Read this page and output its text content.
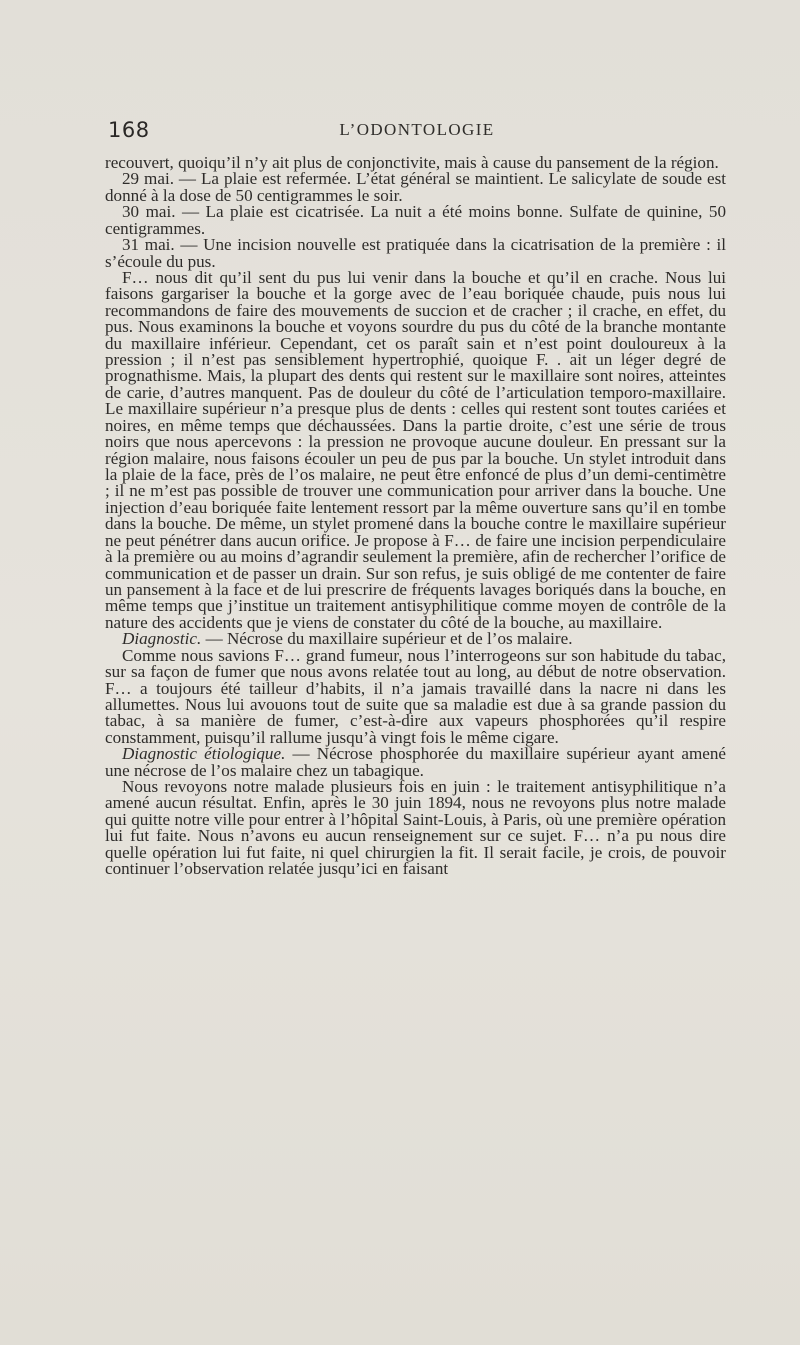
168	L’ODONTOLOGIE

recouvert, quoiqu’il n’y ait plus de conjonctivite, mais à cause du pansement de la région.

29 mai. — La plaie est refermée. L’état général se maintient. Le salicylate de soude est donné à la dose de 50 centigrammes le soir.

30 mai. — La plaie est cicatrisée. La nuit a été moins bonne. Sulfate de quinine, 50 centigrammes.

31 mai. — Une incision nouvelle est pratiquée dans la cicatrisation de la première : il s’écoule du pus.

F… nous dit qu’il sent du pus lui venir dans la bouche et qu’il en crache. Nous lui faisons gargariser la bouche et la gorge avec de l’eau boriquée chaude, puis nous lui recommandons de faire des mouvements de succion et de cracher ; il crache, en effet, du pus. Nous examinons la bouche et voyons sourdre du pus du côté de la branche montante du maxillaire inférieur. Cependant, cet os paraît sain et n’est point douloureux à la pression ; il n’est pas sensiblement hypertrophié, quoique F. . ait un léger degré de prognathisme. Mais, la plupart des dents qui restent sur le maxillaire sont noires, atteintes de carie, d’autres manquent. Pas de douleur du côté de l’articulation temporo-maxillaire. Le maxillaire supérieur n’a presque plus de dents : celles qui restent sont toutes cariées et noires, en même temps que déchaussées. Dans la partie droite, c’est une série de trous noirs que nous apercevons : la pression ne provoque aucune douleur. En pressant sur la région malaire, nous faisons écouler un peu de pus par la bouche. Un stylet introduit dans la plaie de la face, près de l’os malaire, ne peut être enfoncé de plus d’un demi-centimètre ; il ne m’est pas possible de trouver une communication pour arriver dans la bouche. Une injection d’eau boriquée faite lentement ressort par la même ouverture sans qu’il en tombe dans la bouche. De même, un stylet promené dans la bouche contre le maxillaire supérieur ne peut pénétrer dans aucun orifice. Je propose à F… de faire une incision perpendiculaire à la première ou au moins d’agrandir seulement la première, afin de rechercher l’orifice de communication et de passer un drain. Sur son refus, je suis obligé de me contenter de faire un pansement à la face et de lui prescrire de fréquents lavages boriqués dans la bouche, en même temps que j’institue un traitement antisyphilitique comme moyen de contrôle de la nature des accidents que je viens de constater du côté de la bouche, au maxillaire.

Diagnostic. — Nécrose du maxillaire supérieur et de l’os malaire.

Comme nous savions F… grand fumeur, nous l’interrogeons sur son habitude du tabac, sur sa façon de fumer que nous avons relatée tout au long, au début de notre observation. F… a toujours été tailleur d’habits, il n’a jamais travaillé dans la nacre ni dans les allumettes. Nous lui avouons tout de suite que sa maladie est due à sa grande passion du tabac, à sa manière de fumer, c’est-à-dire aux vapeurs phosphorées qu’il respire constamment, puisqu’il rallume jusqu’à vingt fois le même cigare.

Diagnostic étiologique. — Nécrose phosphorée du maxillaire supérieur ayant amené une nécrose de l’os malaire chez un tabagique.

Nous revoyons notre malade plusieurs fois en juin : le traitement antisyphilitique n’a amené aucun résultat. Enfin, après le 30 juin 1894, nous ne revoyons plus notre malade qui quitte notre ville pour entrer à l’hôpital Saint-Louis, à Paris, où une première opération lui fut faite. Nous n’avons eu aucun renseignement sur ce sujet. F… n’a pu nous dire quelle opération lui fut faite, ni quel chirurgien la fit. Il serait facile, je crois, de pouvoir continuer l’observation relatée jusqu’ici en faisant
